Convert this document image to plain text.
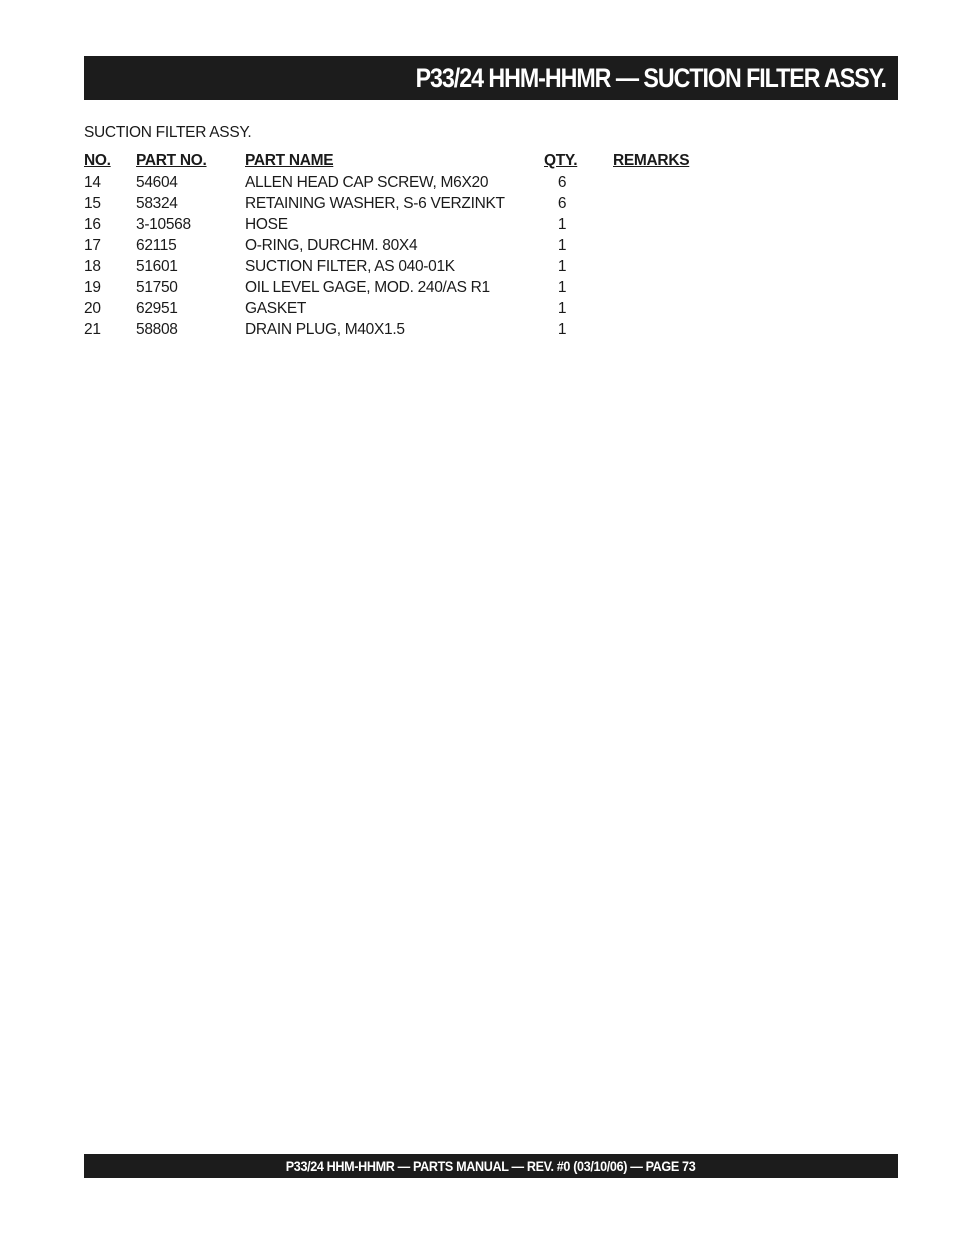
P33/24 HHM-HHMR — SUCTION FILTER ASSY.
SUCTION FILTER ASSY.
NO. PART NO. PART NAME	QTY. REMARKS
14 54604	ALLEN HEAD CAP SCREW, M6X20	6
15 58324	RETAINING WASHER, S-6 VERZINKT	6
16 3-10568	HOSE	1
17 62115	O-RING, DURCHM. 80X4	1
18 51601	SUCTION FILTER, AS 040-01K	1
19 51750	OIL LEVEL GAGE, MOD. 240/AS R1	1
20 62951	GASKET	1
21 58808	DRAIN PLUG, M40X1.5	1
P33/24 HHM-HHMR — PARTS MANUAL — REV. #0 (03/10/06) — PAGE 73
